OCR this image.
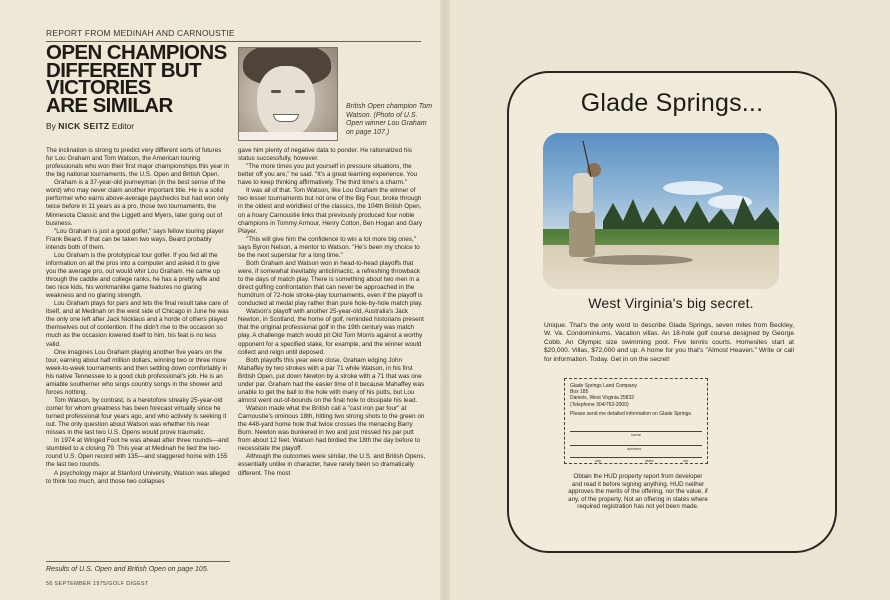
REPORT FROM MEDINAH AND CARNOUSTIE
OPEN CHAMPIONS
DIFFERENT BUT
VICTORIES
ARE SIMILAR
By NICK SEITZ Editor
British Open champion Tom Watson. (Photo of U.S. Open winner Lou Graham on page 107.)

The inclination is strong to predict very different sorts of futures for Lou Graham and Tom Watson, the American touring professionals who won their first major championships this year in the big national tournaments, the U.S. Open and British Open.

Graham is a 37-year-old journeyman (in the best sense of the word) who may never claim another important title. He is a solid performer who earns above-average paychecks but had won only twice before in 11 years as a pro, those two tournaments, the Minnesota Classic and the Liggett and Myers, later going out of business.

"Lou Graham is just a good golfer," says fellow touring player Frank Beard. If that can be taken two ways, Beard probably intends both of them.

Lou Graham is the prototypical tour golfer. If you fed all the information on all the pros into a computer and asked it to give you the average pro, out would whir Lou Graham. He came up through the caddie and college ranks, he has a pretty wife and two nice kids, his workmanlike game features no glaring weakness and no glaring strength.

Lou Graham plays for pars and lets the final result take care of itself, and at Medinah on the west side of Chicago in June he was the only one left after Jack Nicklaus and a horde of others played themselves out of contention. If he didn't rise to the occasion so much as the occasion lowered itself to him, his feat is no less valid.

One imagines Lou Graham playing another five years on the tour, earning about half million dollars, winning two or three more week-to-week tournaments and then settling down comfortably in his native Tennessee to a good club professional's job. He is an amiable southerner who sings country songs in the shower and forces nothing.

Tom Watson, by contrast, is a heretofore streaky 25-year-old comer for whom greatness has been forecast virtually since he turned professional four years ago, and who actively is seeking it out. The only question about Watson was whether his near misses in the last two U.S. Opens would prove traumatic.

In 1974 at Winged Foot he was ahead after three rounds—and stumbled to a closing 79. This year at Medinah he tied the two-round U.S. Open record with 135—and staggered home with 155 the last two rounds.

A psychology major at Stanford University, Watson was alleged to think too much, and those two collapses

gave him plenty of negative data to ponder. He rationalized his status successfully, however.

"The more times you put yourself in pressure situations, the better off you are," he said. "It's a great learning experience. You have to keep thinking affirmatively. The third time's a charm."

It was all of that. Tom Watson, like Lou Graham the winner of two lesser tournaments but not one of the Big Four, broke through in the oldest and worldliest of the classics, the 104th British Open, on a hoary Carnoustie links that previously produced four noble champions in Tommy Armour, Henry Cotton, Ben Hogan and Gary Player.

"This will give him the confidence to win a lot more big ones," says Byron Nelson, a mentor to Watson. "He's been my choice to be the next superstar for a long time."

Both Graham and Watson won in head-to-head playoffs that were, if somewhat inevitably anticlimactic, a refreshing throwback to the days of match play. There is something about two men in a direct golfing confrontation that can never be approached in the humdrum of 72-hole stroke-play tournaments, even if the playoff is conducted at medal play rather than pure hole-by-hole match play.

Watson's playoff with another 25-year-old, Australia's Jack Newton, in Scotland, the home of golf, reminded historians present that the original professional golf in the 19th century was match play. A challenge match would pit Old Tom Morris against a worthy opponent for a specified stake, for example, and the winner would collect and reign until deposed.

Both playoffs this year were close, Graham edging John Mahaffey by two strokes with a par 71 while Watson, in his first British Open, put down Newton by a stroke with a 71 that was one under par. Graham had the easier time of it because Mahaffey was unable to get the ball to the hole with many of his putts, but Lou almost went out-of-bounds on the final hole to dissipate his lead.

Watson made what the British call a "cast iron par four" at Carnoustie's ominous 18th, hitting two strong shots to the green on the 448-yard home hole that twice crosses the menacing Barry Burn. Newton was bunkered in two and just missed his par putt from about 12 feet. Watson had birdied the 18th the day before to necessitate the playoff.

Although the outcomes were similar, the U.S. and British Opens, essentially unlike in character, have rarely been so dramatically different. The most

Results of U.S. Open and British Open on page 105.
56 SEPTEMBER 1975/GOLF DIGEST
Glade Springs...
West Virginia's big secret.
Unique. That's the only word to describe Glade Springs, seven miles from Beckley, W. Va. Condominiums. Vacation villas. An 18-hole golf course designed by George Cobb. An Olympic size swimming pool. Five tennis courts. Homesites start at $20,000. Villas, $72,000 and up. A home for you that's "Almost Heaven." Write or call for information. Today. Get in on the secret!
Glade Springs Land Company
Box 185
Daniels, West Virginia 25832
(Telephone 304/763-2000)
Please send me detailed information on Glade Springs.
name
address
city	state	zip
Obtain the HUD property report from developer and read it before signing anything. HUD neither approves the merits of the offering, nor the value, if any, of the property. Not an offering in states where required registration has not yet been made.
